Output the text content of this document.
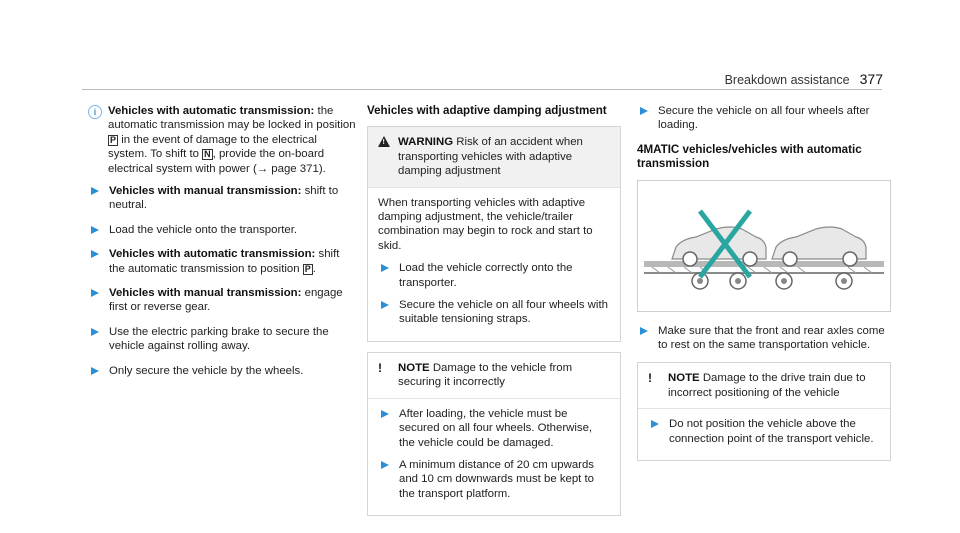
Breakdown assistance 377
i	Vehicles with automatic transmission: the automatic transmission may be locked in position P in the event of damage to the electrical system. To shift to N , provide the on-board electrical system with power (→ page 371).

Vehicles with manual transmission: shift to neutral.

Load the vehicle onto the transporter.

Vehicles with automatic transmission: shift the automatic transmission to position P .

Vehicles with manual transmission: engage first or reverse gear.

Use the electric parking brake to secure the vehicle against rolling away.

Only secure the vehicle by the wheels.

Vehicles with adaptive damping adjustment
! WARNING Risk of an accident when transporting vehicles with adaptive damping adjustment

When transporting vehicles with adaptive damping adjustment, the vehicle/trailer combination may begin to rock and start to skid.

Load the vehicle correctly onto the transporter.

Secure the vehicle on all four wheels with suitable tensioning straps.

!	NOTE Damage to the vehicle from securing it incorrectly

After loading, the vehicle must be secured on all four wheels. Otherwise, the vehicle could be damaged.

A minimum distance of 20 cm upwards and 10 cm downwards must be kept to the transport platform.

Secure the vehicle on all four wheels after loading.

4MATIC vehicles/vehicles with automatic transmission

Make sure that the front and rear axles come to rest on the same transportation vehicle.

!	NOTE Damage to the drive train due to incorrect positioning of the vehicle

Do not position the vehicle above the connection point of the transport vehicle.
